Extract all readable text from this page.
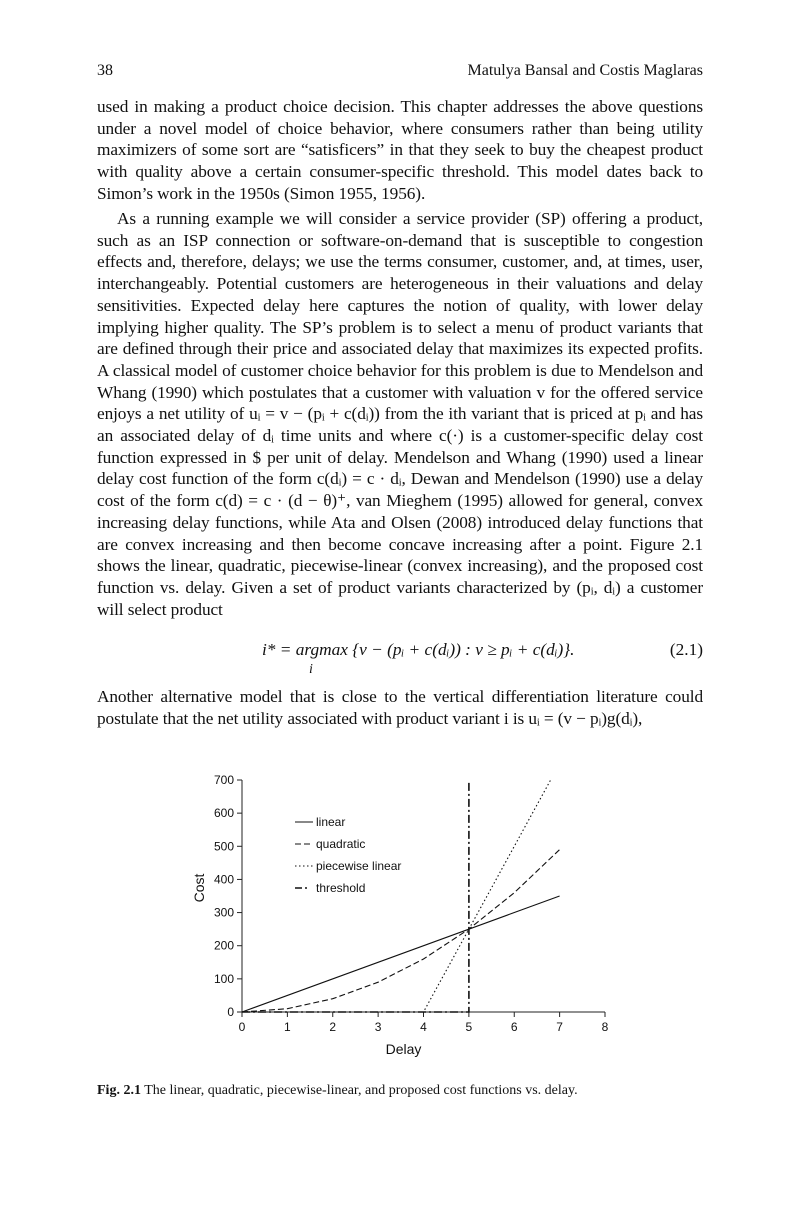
38	Matulya Bansal and Costis Maglaras

used in making a product choice decision. This chapter addresses the above questions under a novel model of choice behavior, where consumers rather than being utility maximizers of some sort are “satisficers” in that they seek to buy the cheapest product with quality above a certain consumer-specific threshold. This model dates back to Simon’s work in the 1950s (Simon 1955, 1956).

As a running example we will consider a service provider (SP) offering a product, such as an ISP connection or software-on-demand that is susceptible to congestion effects and, therefore, delays; we use the terms consumer, customer, and, at times, user, interchangeably. Potential customers are heterogeneous in their valuations and delay sensitivities. Expected delay here captures the notion of quality, with lower delay implying higher quality. The SP’s problem is to select a menu of product variants that are defined through their price and associated delay that maximizes its expected profits. A classical model of customer choice behavior for this problem is due to Mendelson and Whang (1990) which postulates that a customer with valuation v for the offered service enjoys a net utility of uᵢ = v − (pᵢ + c(dᵢ)) from the ith variant that is priced at pᵢ and has an associated delay of dᵢ time units and where c(·) is a customer-specific delay cost function expressed in $ per unit of delay. Mendelson and Whang (1990) used a linear delay cost function of the form c(dᵢ) = c · dᵢ, Dewan and Mendelson (1990) use a delay cost of the form c(d) = c · (d − θ)⁺, van Mieghem (1995) allowed for general, convex increasing delay functions, while Ata and Olsen (2008) introduced delay functions that are convex increasing and then become concave increasing after a point. Figure 2.1 shows the linear, quadratic, piecewise-linear (convex increasing), and the proposed cost function vs. delay. Given a set of product variants characterized by (pᵢ, dᵢ) a customer will select product

i* = argmax {v − (pᵢ + c(dᵢ)) : v ≥ pᵢ + c(dᵢ)}.
i
(2.1)

Another alternative model that is close to the vertical differentiation literature could postulate that the net utility associated with product variant i is uᵢ = (v − pᵢ)g(dᵢ),

0	1	2	3	4	5	6	7	8
0
100
200
300
400
500
600
700
Delay
Cost
linear
quadratic
piecewise linear
threshold
Fig. 2.1 The linear, quadratic, piecewise-linear, and proposed cost functions vs. delay.
